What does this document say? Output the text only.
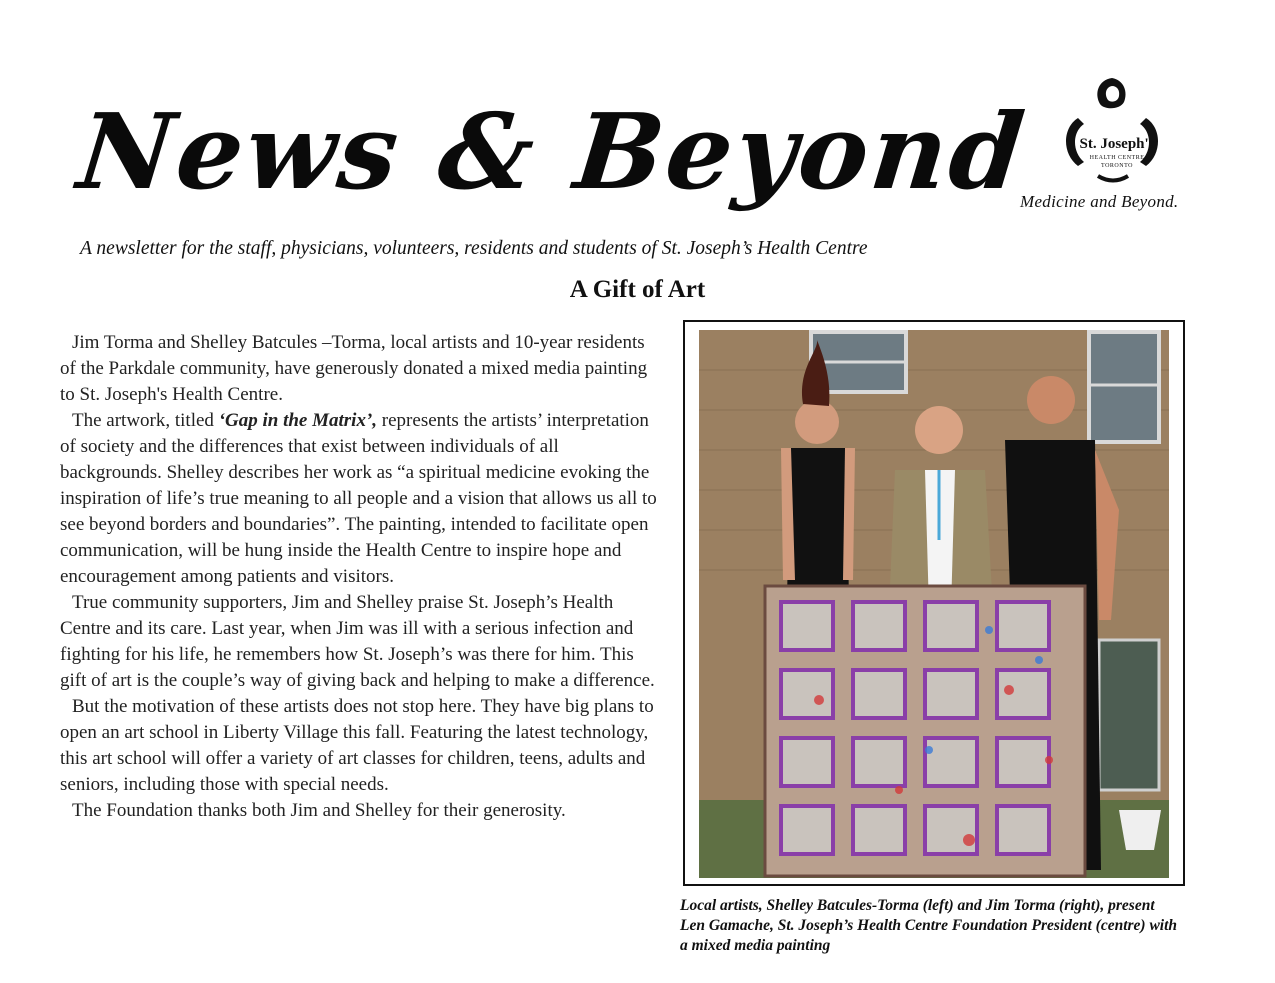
News & Beyond	St. Joseph's
HEALTH CENTRE
TORONTO
Medicine and Beyond.
A newsletter for the staff, physicians, volunteers, residents and students of St. Joseph’s Health Centre
A Gift of Art

Jim Torma and Shelley Batcules –Torma, local artists and 10-year residents of the Parkdale community, have generously donated a mixed media painting to St. Joseph's Health Centre.

The artwork, titled ‘Gap in the Matrix’, represents the artists’ interpretation of society and the differences that exist between individuals of all backgrounds. Shelley describes her work as “a spiritual medicine evoking the inspiration of life’s true meaning to all people and a vision that allows us all to see beyond borders and boundaries”. The painting, intended to facilitate open communication, will be hung inside the Health Centre to inspire hope and encouragement among patients and visitors.

True community supporters, Jim and Shelley praise St. Joseph’s Health Centre and its care. Last year, when Jim was ill with a serious infection and fighting for his life, he remembers how St. Joseph’s was there for him. This gift of art is the couple’s way of giving back and helping to make a difference.

But the motivation of these artists does not stop here. They have big plans to open an art school in Liberty Village this fall. Featuring the latest technology, this art school will offer a variety of art classes for children, teens, adults and seniors, including those with special needs.

The Foundation thanks both Jim and Shelley for their generosity.

Local artists, Shelley Batcules-Torma (left) and Jim Torma (right), present Len Gamache, St. Joseph’s Health Centre Foundation President (centre) with a mixed media painting
